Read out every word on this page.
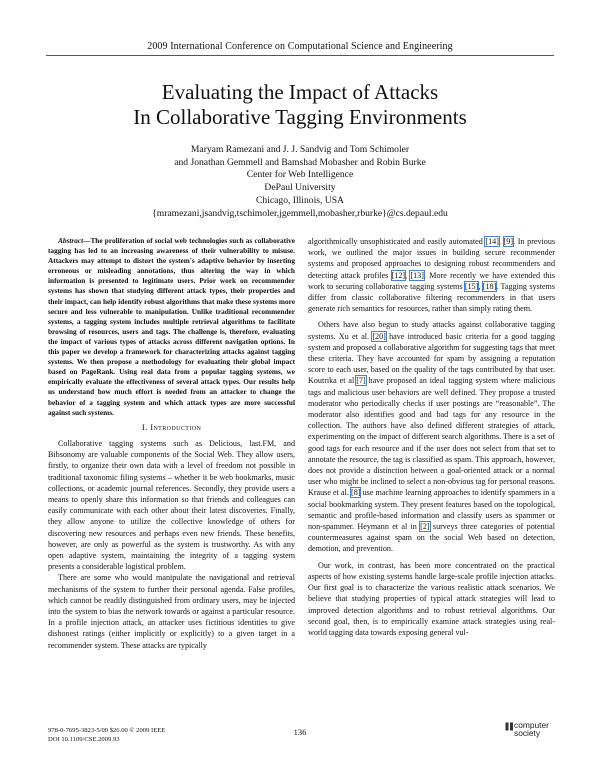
2009 International Conference on Computational Science and Engineering
Evaluating the Impact of Attacks
In Collaborative Tagging Environments
Maryam Ramezani and J. J. Sandvig and Tom Schimoler
and Jonathan Gemmell and Bamshad Mobasher and Robin Burke
Center for Web Intelligence
DePaul University
Chicago, Illinois, USA
{mramezani,jsandvig,tschimoler,jgemmell,mobasher,rburke}@cs.depaul.edu

Abstract—The proliferation of social web technologies such as collaborative tagging has led to an increasing awareness of their vulnerability to misuse. Attackers may attempt to distort the system's adaptive behavior by inserting erroneous or misleading annotations, thus altering the way in which information is presented to legitimate users. Prior work on recommender systems has shown that studying different attack types, their properties and their impact, can help identify robust algorithms that make these systems more secure and less vulnerable to manipulation. Unlike traditional recommender systems, a tagging system includes multiple retrieval algorithms to facilitate browsing of resources, users and tags. The challenge is, therefore, evaluating the impact of various types of attacks across different navigation options. In this paper we develop a framework for characterizing attacks against tagging systems. We then propose a methodology for evaluating their global impact based on PageRank. Using real data from a popular tagging systems, we empirically evaluate the effectiveness of several attack types. Our results help us understand how much effort is needed from an attacker to change the behavior of a tagging system and which attack types are more successful against such systems.

I. Introduction

Collaborative tagging systems such as Delicious, last.FM, and Bibsonomy are valuable components of the Social Web. They allow users, firstly, to organize their own data with a level of freedom not possible in traditional taxonomic filing systems – whether it be web bookmarks, music collections, or academic journal references. Secondly, they provide users a means to openly share this information so that friends and colleagues can easily communicate with each other about their latest discoveries. Finally, they allow anyone to utilize the collective knowledge of others for discovering new resources and perhaps even new friends. These benefits, however, are only as powerful as the system is trustworthy. As with any open adaptive system, maintaining the integrity of a tagging system presents a considerable logistical problem.

There are some who would manipulate the navigational and retrieval mechanisms of the system to further their personal agenda. False profiles, which cannot be readily distinguished from ordinary users, may be injected into the system to bias the network towards or against a particular resource. In a profile injection attack, an attacker uses fictitious identities to give dishonest ratings (either implicitly or explicitly) to a given target in a recommender system. These attacks are typically

algorithmically unsophisticated and easily automated [14], [9]. In previous work, we outlined the major issues in building secure recommender systems and proposed approaches to designing robust recommenders and detecting attack profiles [12], [13]. More recently we have extended this work to securing collaborative tagging systems [15], [18]. Tagging systems differ from classic collaborative filtering recommenders in that users generate rich semantics for resources, rather than simply rating them.

Others have also begun to study attacks against collaborative tagging systems. Xu et al. [20] have introduced basic criteria for a good tagging system and proposed a collaborative algorithm for suggesting tags that meet these criteria. They have accounted for spam by assigning a reputation score to each user, based on the quality of the tags contributed by that user. Koutrika et al.[7] have proposed an ideal tagging system where malicious tags and malicious user behaviors are well defined. They propose a trusted moderator who periodically checks if user postings are “reasonable”. The moderator also identifies good and bad tags for any resource in the collection. The authors have also defined different strategies of attack, experimenting on the impact of different search algorithms. There is a set of good tags for each resource and if the user does not select from that set to annotate the resource, the tag is classified as spam. This approach, however, does not provide a distinction between a goal-oriented attack or a normal user who might be inclined to select a non-obvious tag for personal reasons. Krause et al. [8] use machine learning approaches to identify spammers in a social bookmarking system. They present features based on the topological, semantic and profile-based information and classify users as spammer or non-spammer. Heymann et al in [2] surveys three categories of potential countermeasures against spam on the social Web based on detection, demotion, and prevention.

Our work, in contrast, has been more concentrated on the practical aspects of how existing systems handle large-scale profile injection attacks. Our first goal is to characterize the various realistic attack scenarios. We believe that studying properties of typical attack strategies will lead to improved detection algorithms and to robust retrieval algorithms. Our second goal, then, is to empirically examine attack strategies using real-world tagging data towards exposing general vul-

978-0-7695-3823-5/09 $26.00 © 2009 IEEE
DOI 10.1109/CSE.2009.93
136
computer
society
